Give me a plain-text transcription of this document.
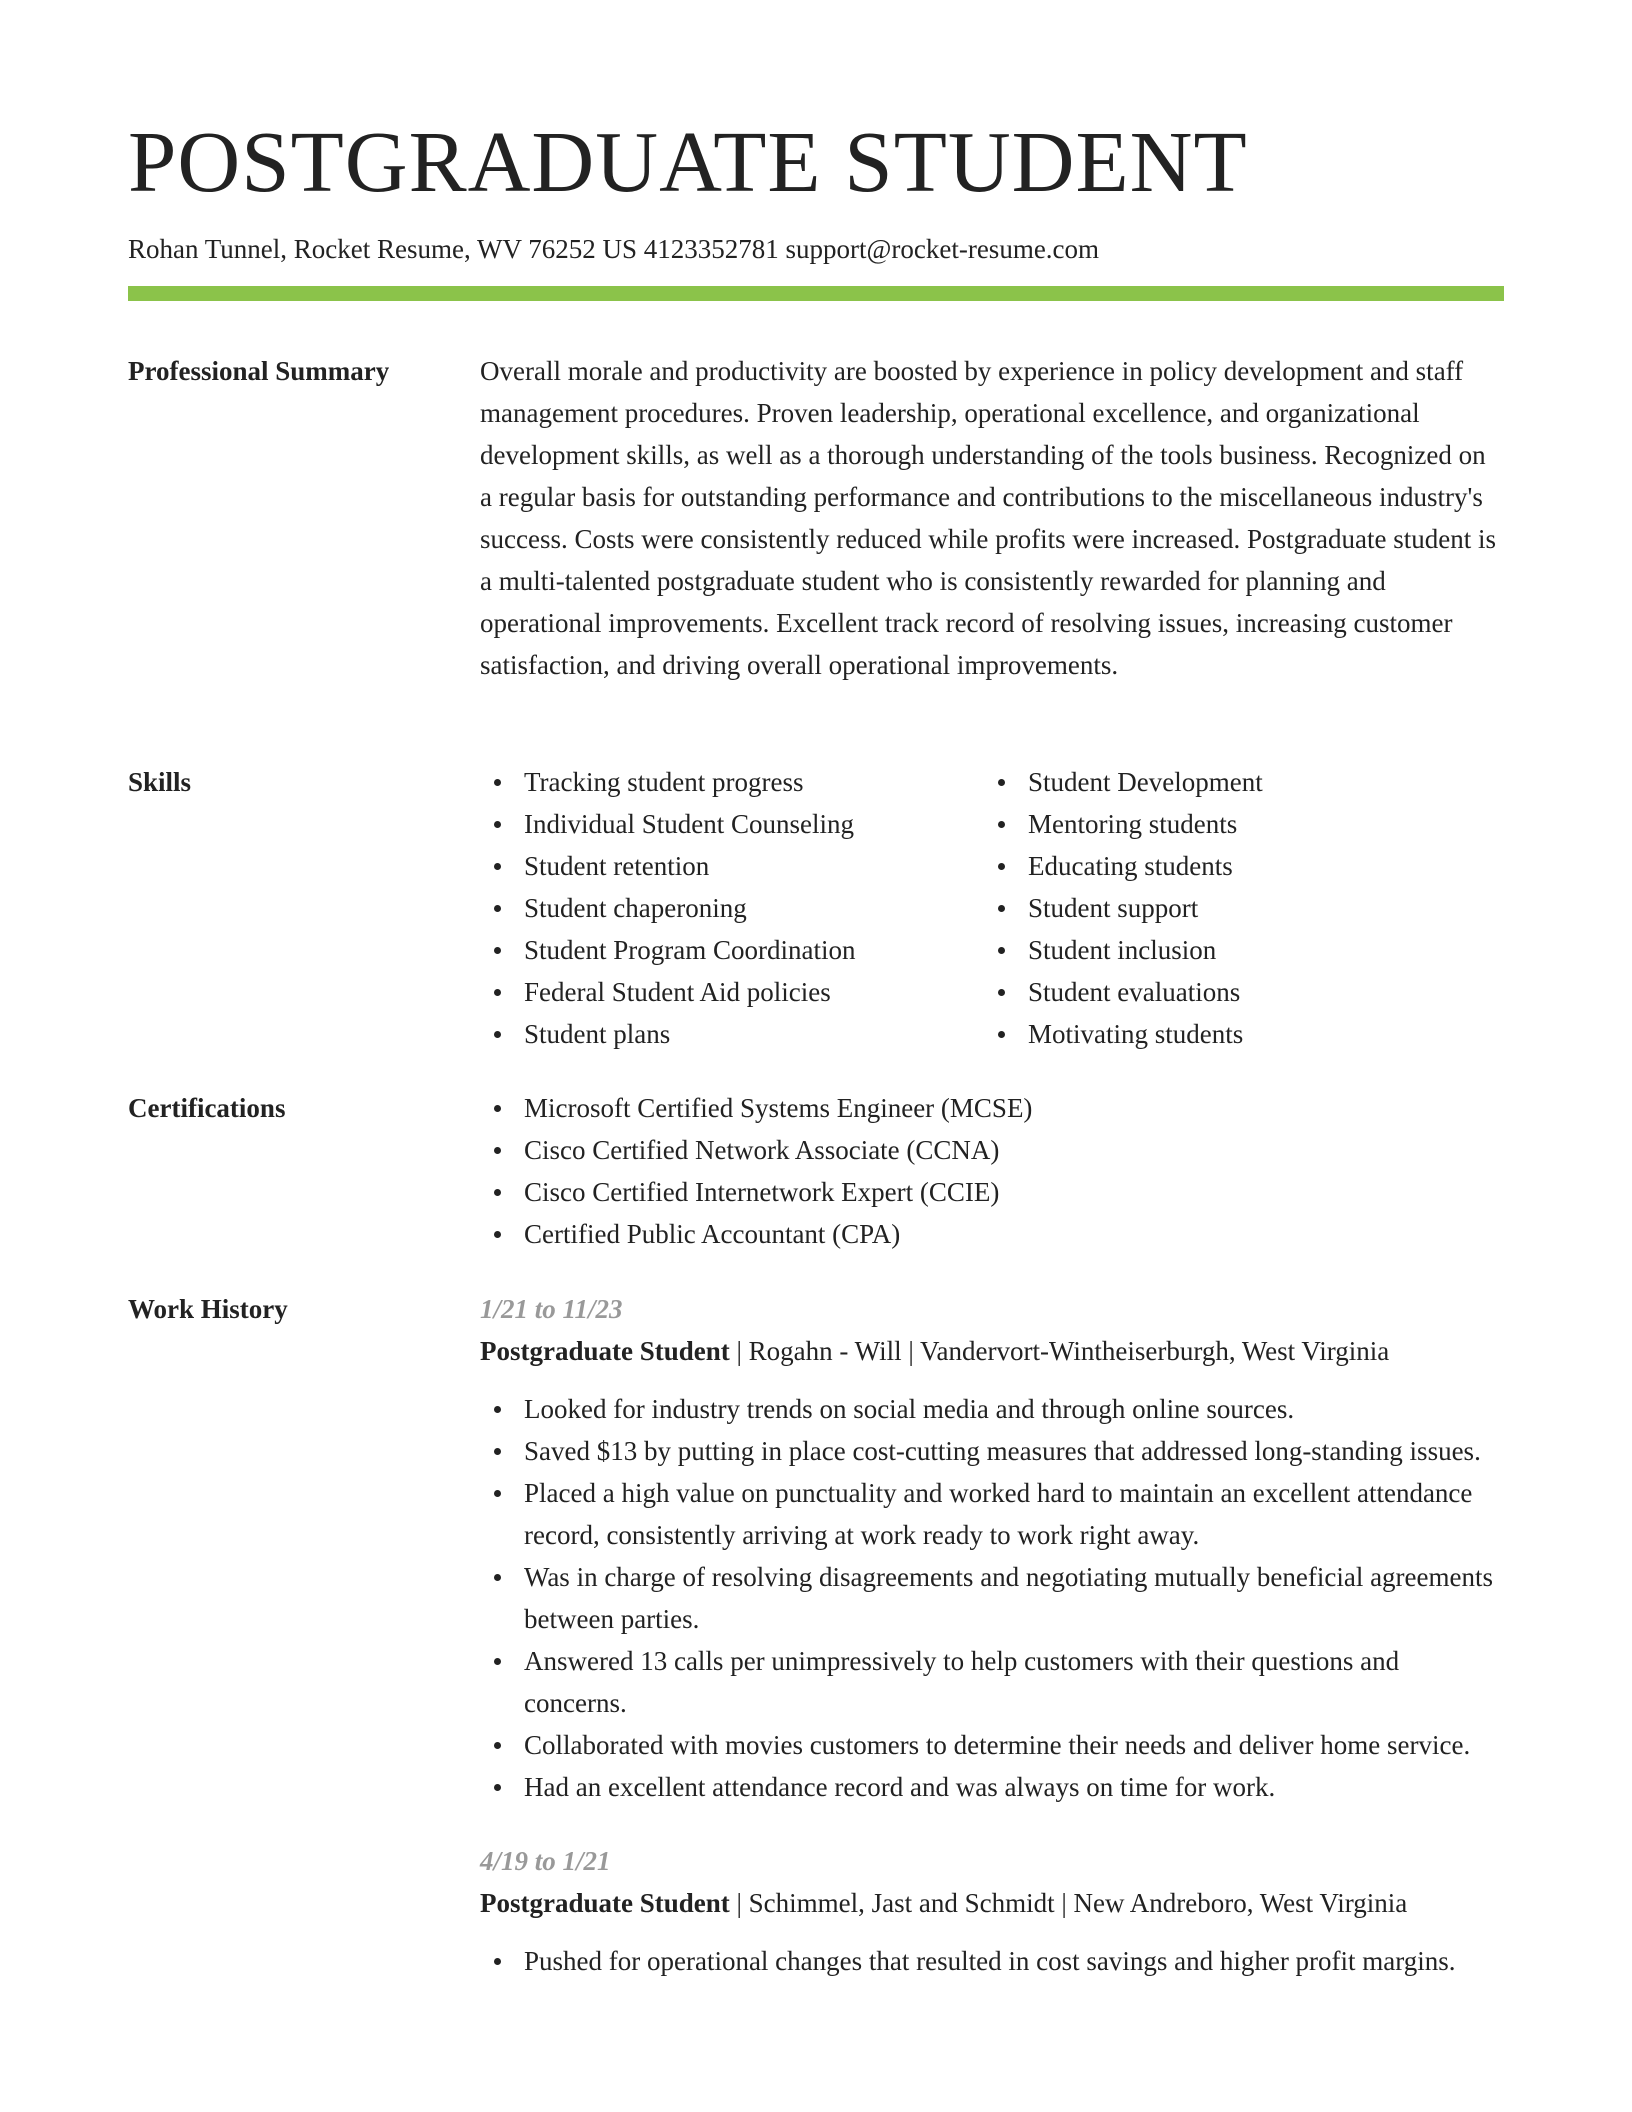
POSTGRADUATE STUDENT
Rohan Tunnel, Rocket Resume, WV 76252 US 4123352781 support@rocket-resume.com
Professional Summary	Overall morale and productivity are boosted by experience in policy development and staff management procedures. Proven leadership, operational excellence, and organizational development skills, as well as a thorough understanding of the tools business. Recognized on a regular basis for outstanding performance and contributions to the miscellaneous industry's success. Costs were consistently reduced while profits were increased. Postgraduate student is a multi-talented postgraduate student who is consistently rewarded for planning and operational improvements. Excellent track record of resolving issues, increasing customer satisfaction, and driving overall operational improvements.

Skills	Tracking student progress
Individual Student Counseling
Student retention
Student chaperoning
Student Program Coordination
Federal Student Aid policies
Student plans
Student Development
Mentoring students
Educating students
Student support
Student inclusion
Student evaluations
Motivating students
Certifications	Microsoft Certified Systems Engineer (MCSE)
Cisco Certified Network Associate (CCNA)
Cisco Certified Internetwork Expert (CCIE)
Certified Public Accountant (CPA)
Work History	1/21 to 11/23
Postgraduate Student | Rogahn - Will | Vandervort-Wintheiserburgh, West Virginia
Looked for industry trends on social media and through online sources.
Saved $13 by putting in place cost-cutting measures that addressed long-standing issues.
Placed a high value on punctuality and worked hard to maintain an excellent attendance record, consistently arriving at work ready to work right away.
Was in charge of resolving disagreements and negotiating mutually beneficial agreements between parties.
Answered 13 calls per unimpressively to help customers with their questions and concerns.
Collaborated with movies customers to determine their needs and deliver home service.
Had an excellent attendance record and was always on time for work.
4/19 to 1/21
Postgraduate Student | Schimmel, Jast and Schmidt | New Andreboro, West Virginia
Pushed for operational changes that resulted in cost savings and higher profit margins.
